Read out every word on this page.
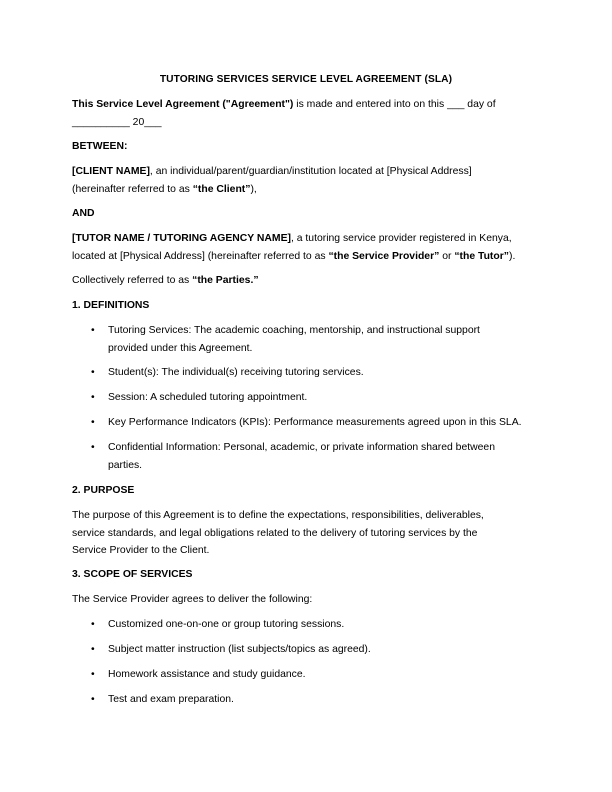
TUTORING SERVICES SERVICE LEVEL AGREEMENT (SLA)
This Service Level Agreement ("Agreement") is made and entered into on this ___ day of
__________ 20___
BETWEEN:
[CLIENT NAME], an individual/parent/guardian/institution located at [Physical Address]
(hereinafter referred to as “the Client”),
AND
[TUTOR NAME / TUTORING AGENCY NAME], a tutoring service provider registered in Kenya,
located at [Physical Address] (hereinafter referred to as “the Service Provider” or “the Tutor”).
Collectively referred to as “the Parties.”
1. DEFINITIONS
• Tutoring Services: The academic coaching, mentorship, and instructional support
provided under this Agreement.
• Student(s): The individual(s) receiving tutoring services.
• Session: A scheduled tutoring appointment.
• Key Performance Indicators (KPIs): Performance measurements agreed upon in this SLA.
• Confidential Information: Personal, academic, or private information shared between
parties.
2. PURPOSE
The purpose of this Agreement is to define the expectations, responsibilities, deliverables,
service standards, and legal obligations related to the delivery of tutoring services by the
Service Provider to the Client.
3. SCOPE OF SERVICES
The Service Provider agrees to deliver the following:
• Customized one-on-one or group tutoring sessions.
• Subject matter instruction (list subjects/topics as agreed).
• Homework assistance and study guidance.
• Test and exam preparation.
